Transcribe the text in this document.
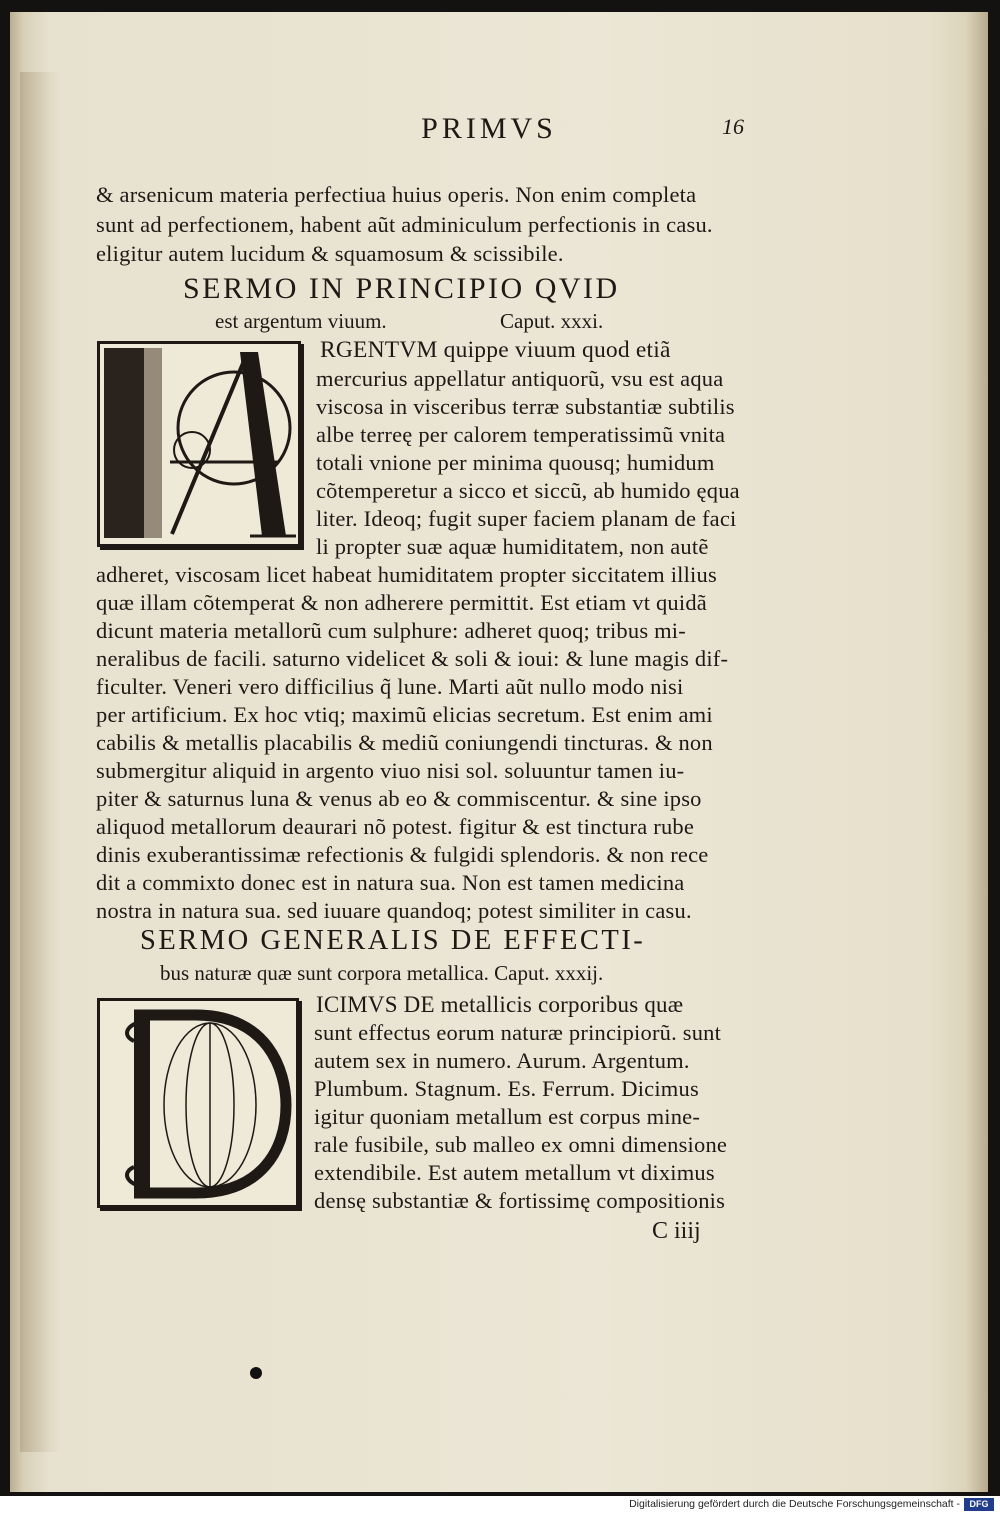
PRIMVS	16
& arsenicum materia perfectiua huius operis. Non enim completa
sunt ad perfectionem, habent aũt adminiculum perfectionis in casu.
eligitur autem lucidum & squamosum & scissibile.
SERMO IN PRINCIPIO QVID
est argentum viuum.	Caput. xxxi.
RGENTVM quippe viuum quod etiã
mercurius appellatur antiquorũ, vsu est aqua
viscosa in visceribus terræ substantiæ subtilis
albe terreę per calorem temperatissimũ vnita
totali vnione per minima quousq; humidum
cõtemperetur a sicco et siccũ, ab humido ęqua
liter. Ideoq; fugit super faciem planam de faci
li propter suæ aquæ humiditatem, non autẽ
adheret, viscosam licet habeat humiditatem propter siccitatem illius
quæ illam cõtemperat & non adherere permittit. Est etiam vt quidã
dicunt materia metallorũ cum sulphure: adheret quoq; tribus mi-
neralibus de facili. saturno videlicet & soli & ioui: & lune magis dif-
ficulter. Veneri vero difficilius q̃ lune. Marti aũt nullo modo nisi
per artificium. Ex hoc vtiq; maximũ elicias secretum. Est enim ami
cabilis & metallis placabilis & mediũ coniungendi tincturas. & non
submergitur aliquid in argento viuo nisi sol. soluuntur tamen iu-
piter & saturnus luna & venus ab eo & commiscentur. & sine ipso
aliquod metallorum deaurari nõ potest. figitur & est tinctura rube
dinis exuberantissimæ refectionis & fulgidi splendoris. & non rece
dit a commixto donec est in natura sua. Non est tamen medicina
nostra in natura sua. sed iuuare quandoq; potest similiter in casu.
SERMO GENERALIS DE EFFECTI-
bus naturæ quæ sunt corpora metallica. Caput. xxxij.
ICIMVS DE metallicis corporibus quæ
sunt effectus eorum naturæ principiorũ. sunt
autem sex in numero. Aurum. Argentum.
Plumbum. Stagnum. Es. Ferrum. Dicimus
igitur quoniam metallum est corpus mine-
rale fusibile, sub malleo ex omni dimensione
extendibile. Est autem metallum vt diximus
densę substantiæ & fortissimę compositionis
C iiij
Digitalisierung gefördert durch die Deutsche Forschungsgemeinschaft -	DFG
